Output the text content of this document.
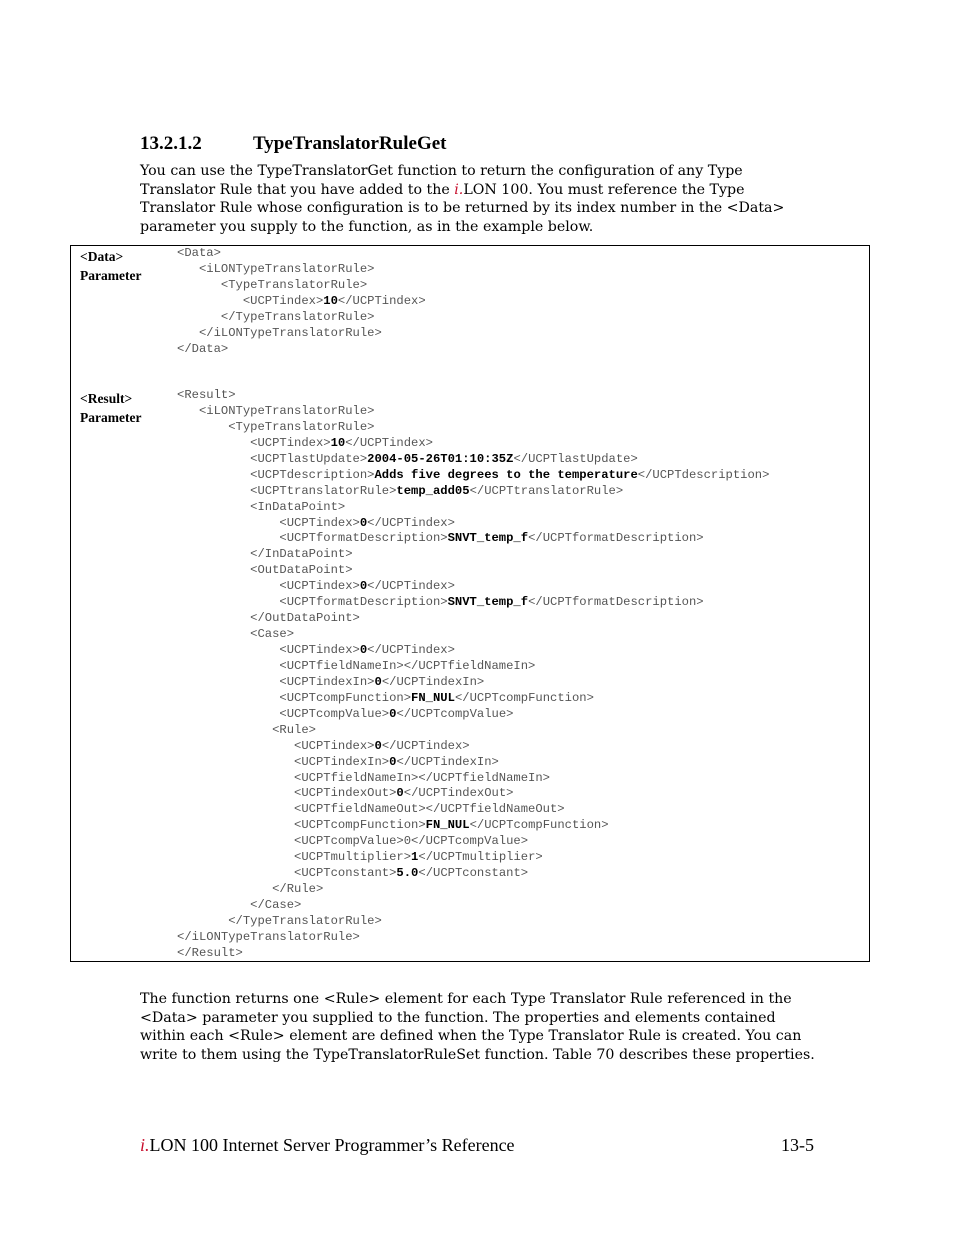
13.2.1.2	TypeTranslatorRuleGet
You can use the TypeTranslatorGet function to return the configuration of any Type
Translator Rule that you have added to the i.LON 100. You must reference the Type
Translator Rule whose configuration is to be returned by its index number in the <Data>
parameter you supply to the function, as in the example below.
<Data>
Parameter
<Data>
<iLONTypeTranslatorRule>
<TypeTranslatorRule>
<UCPTindex>10</UCPTindex>
</TypeTranslatorRule>
</iLONTypeTranslatorRule>
</Data>
<Result>
Parameter
<Result>
<iLONTypeTranslatorRule>
<TypeTranslatorRule>
<UCPTindex>10</UCPTindex>
<UCPTlastUpdate>2004-05-26T01:10:35Z</UCPTlastUpdate>
<UCPTdescription>Adds five degrees to the temperature</UCPTdescription>
<UCPTtranslatorRule>temp_add05</UCPTtranslatorRule>
<InDataPoint>
<UCPTindex>0</UCPTindex>
<UCPTformatDescription>SNVT_temp_f</UCPTformatDescription>
</InDataPoint>
<OutDataPoint>
<UCPTindex>0</UCPTindex>
<UCPTformatDescription>SNVT_temp_f</UCPTformatDescription>
</OutDataPoint>
<Case>
<UCPTindex>0</UCPTindex>
<UCPTfieldNameIn></UCPTfieldNameIn>
<UCPTindexIn>0</UCPTindexIn>
<UCPTcompFunction>FN_NUL</UCPTcompFunction>
<UCPTcompValue>0</UCPTcompValue>
<Rule>
<UCPTindex>0</UCPTindex>
<UCPTindexIn>0</UCPTindexIn>
<UCPTfieldNameIn></UCPTfieldNameIn>
<UCPTindexOut>0</UCPTindexOut>
<UCPTfieldNameOut></UCPTfieldNameOut>
<UCPTcompFunction>FN_NUL</UCPTcompFunction>
<UCPTcompValue>0</UCPTcompValue>
<UCPTmultiplier>1</UCPTmultiplier>
<UCPTconstant>5.0</UCPTconstant>
</Rule>
</Case>
</TypeTranslatorRule>
</iLONTypeTranslatorRule>
</Result>
The function returns one <Rule> element for each Type Translator Rule referenced in the
<Data> parameter you supplied to the function. The properties and elements contained
within each <Rule> element are defined when the Type Translator Rule is created. You can
write to them using the TypeTranslatorRuleSet function. Table 70 describes these properties.
i.LON 100 Internet Server Programmer’s Reference	13-5
